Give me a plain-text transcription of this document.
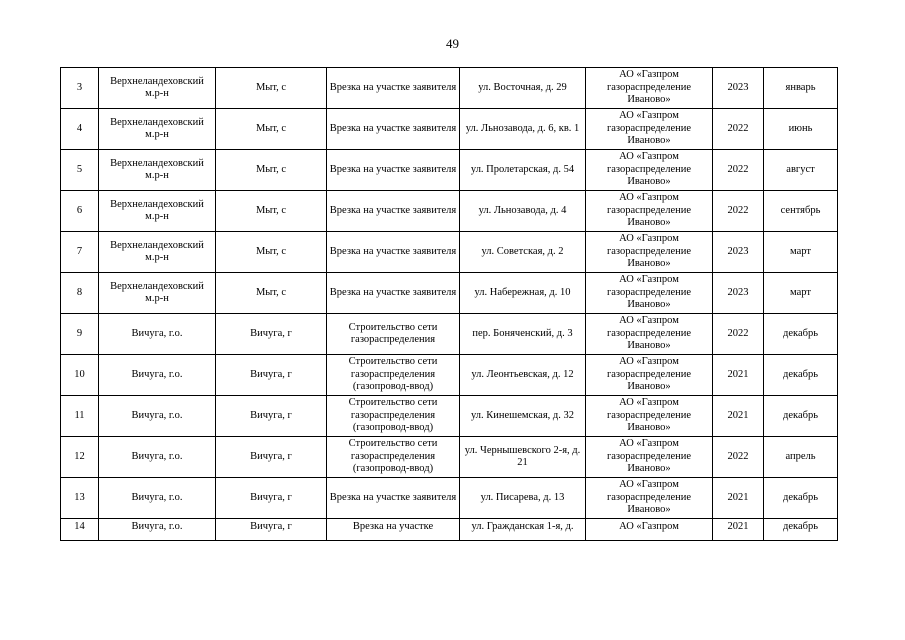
49
3	Верхнеландеховский м.р-н	Мыт, с	Врезка на участке заявителя	ул. Восточная, д. 29	АО «Газпром газораспределение Иваново»	2023	январь
4	Верхнеландеховский м.р-н	Мыт, с	Врезка на участке заявителя	ул. Льнозавода, д. 6, кв. 1	АО «Газпром газораспределение Иваново»	2022	июнь
5	Верхнеландеховский м.р-н	Мыт, с	Врезка на участке заявителя	ул. Пролетарская, д. 54	АО «Газпром газораспределение Иваново»	2022	август
6	Верхнеландеховский м.р-н	Мыт, с	Врезка на участке заявителя	ул. Льнозавода, д. 4	АО «Газпром газораспределение Иваново»	2022	сентябрь
7	Верхнеландеховский м.р-н	Мыт, с	Врезка на участке заявителя	ул. Советская, д. 2	АО «Газпром газораспределение Иваново»	2023	март
8	Верхнеландеховский м.р-н	Мыт, с	Врезка на участке заявителя	ул. Набережная, д. 10	АО «Газпром газораспределение Иваново»	2023	март
9	Вичуга, г.о.	Вичуга, г	Строительство сети газораспределения	пер. Боняченский, д. 3	АО «Газпром газораспределение Иваново»	2022	декабрь
10	Вичуга, г.о.	Вичуга, г	Строительство сети газораспределения (газопровод-ввод)	ул. Леонтьевская, д. 12	АО «Газпром газораспределение Иваново»	2021	декабрь
11	Вичуга, г.о.	Вичуга, г	Строительство сети газораспределения (газопровод-ввод)	ул. Кинешемская, д. 32	АО «Газпром газораспределение Иваново»	2021	декабрь
12	Вичуга, г.о.	Вичуга, г	Строительство сети газораспределения (газопровод-ввод)	ул. Чернышевского 2-я, д. 21	АО «Газпром газораспределение Иваново»	2022	апрель
13	Вичуга, г.о.	Вичуга, г	Врезка на участке заявителя	ул. Писарева, д. 13	АО «Газпром газораспределение Иваново»	2021	декабрь
14	Вичуга, г.о.	Вичуга, г	Врезка на участке	ул. Гражданская 1-я, д.	АО «Газпром	2021	декабрь
